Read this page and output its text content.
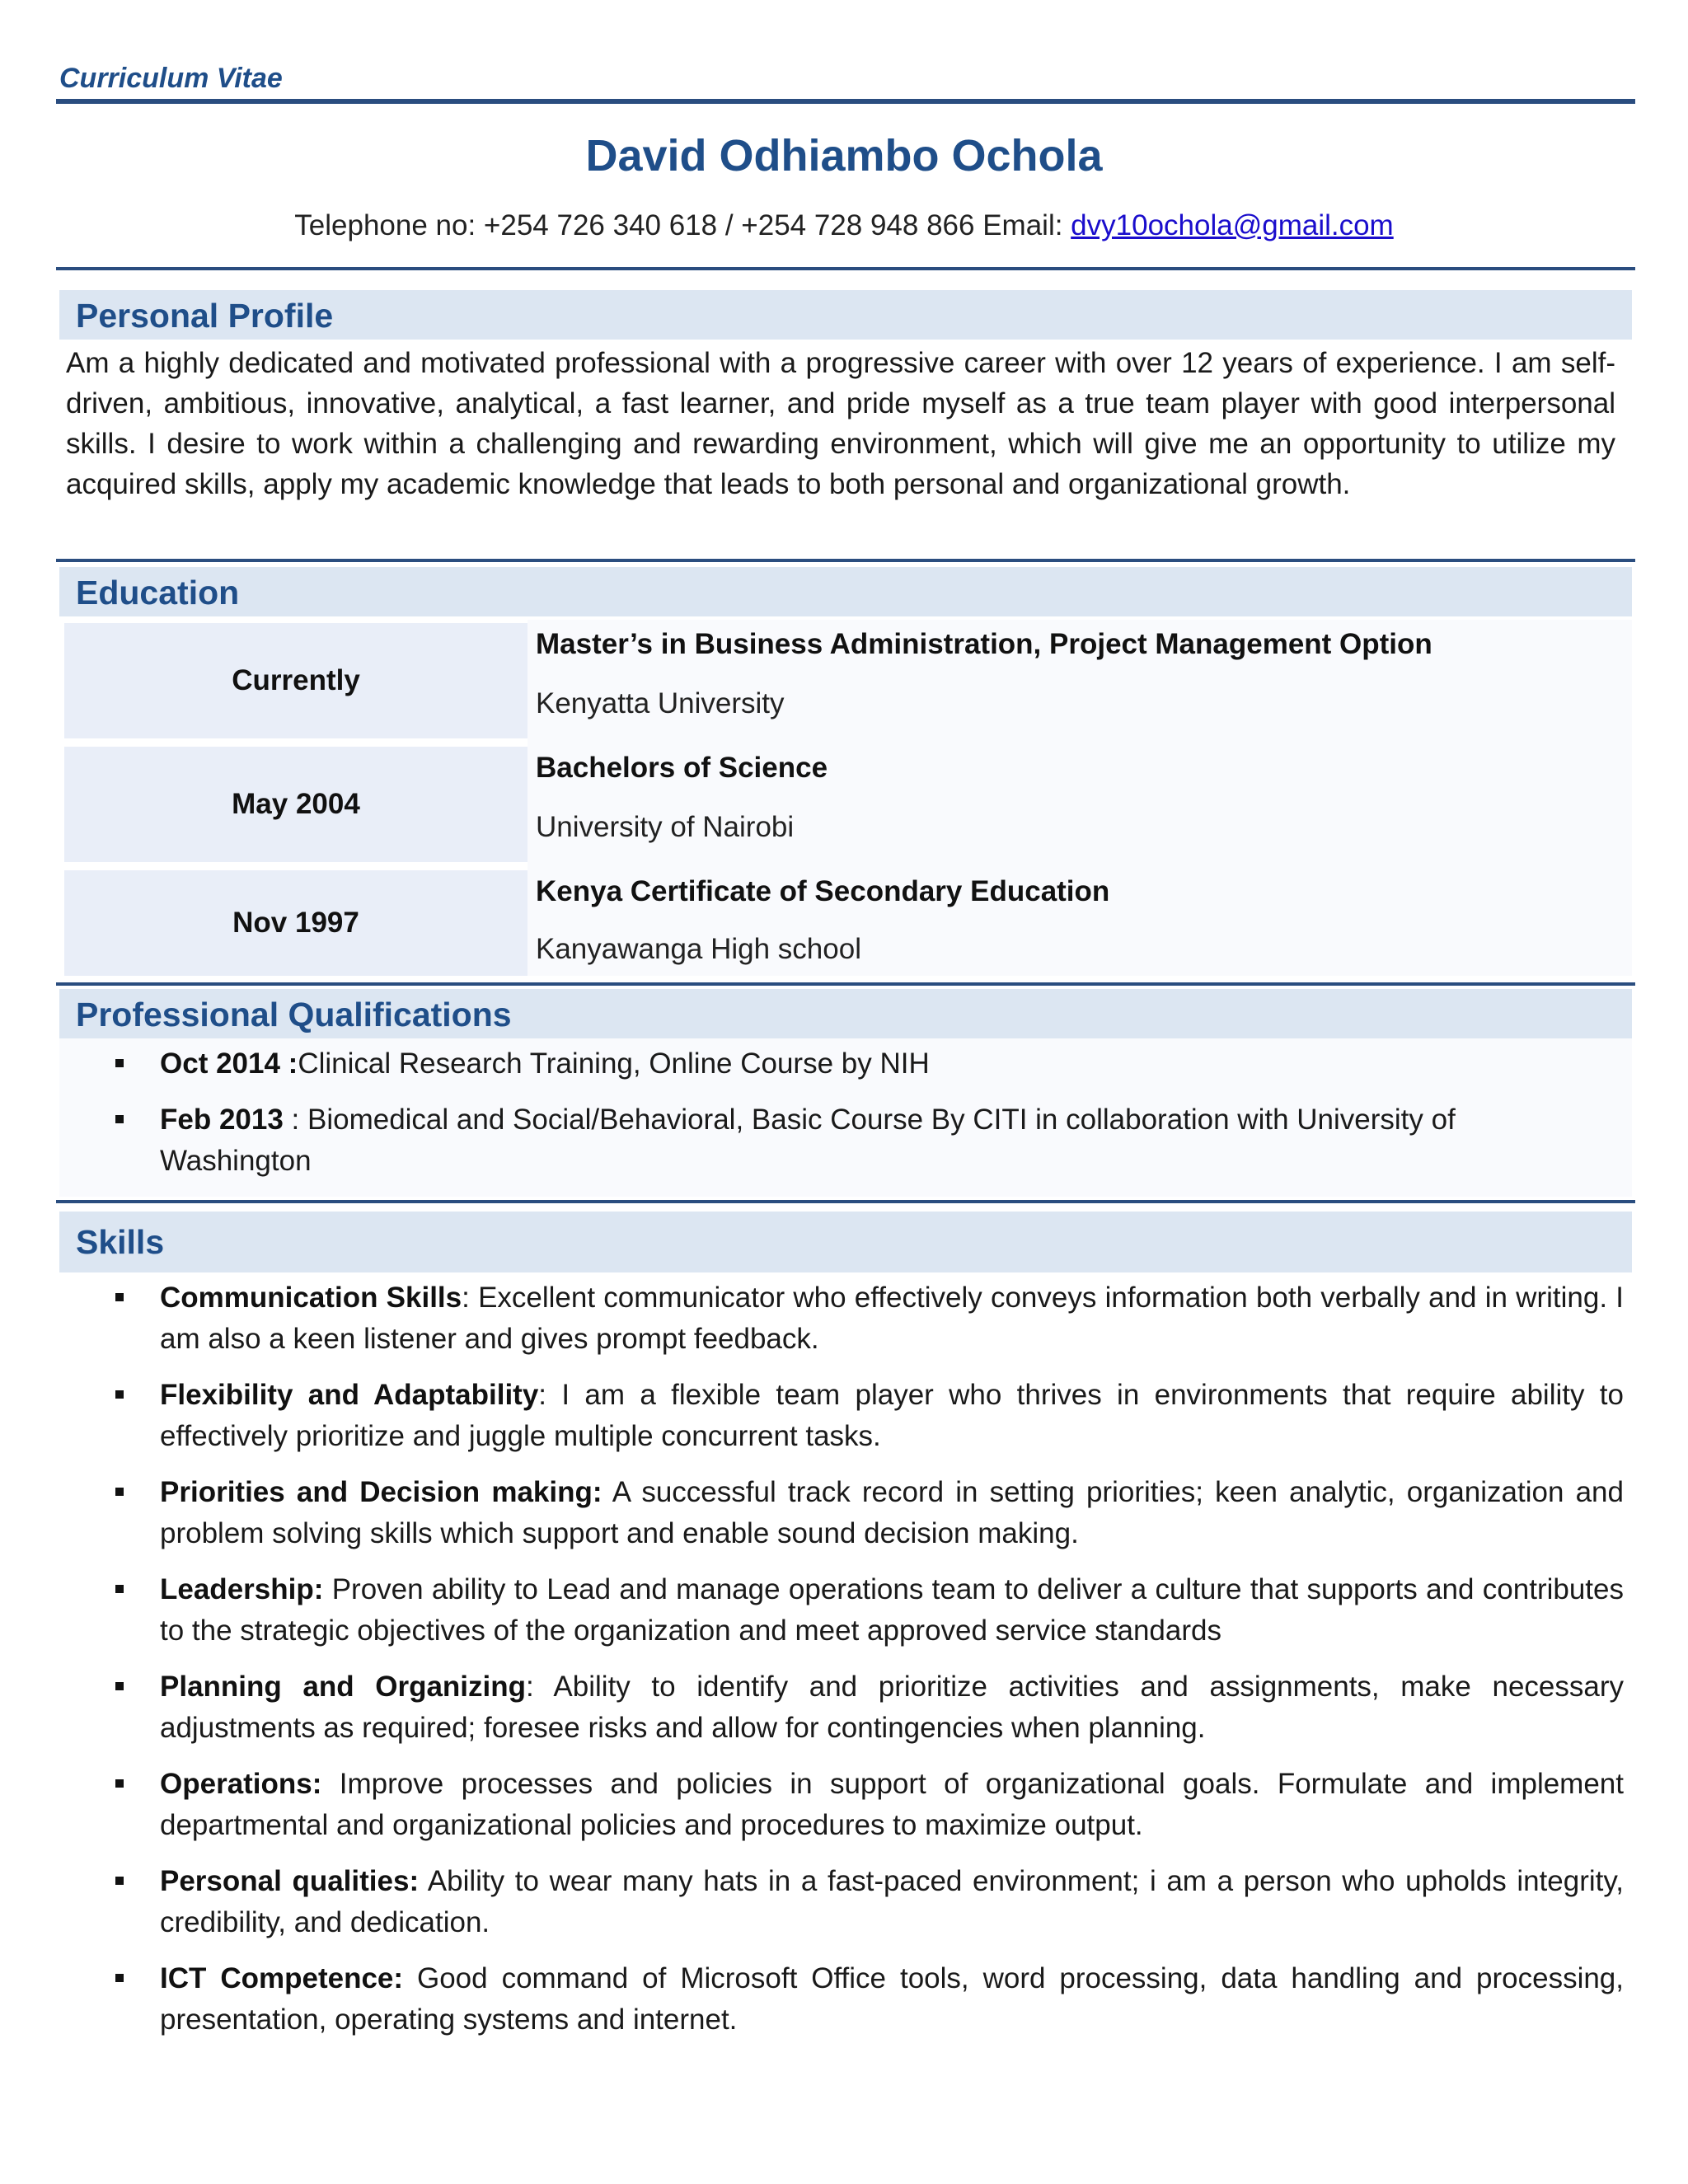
Curriculum Vitae
David Odhiambo Ochola
Telephone no: +254 726 340 618 / +254 728 948 866 Email: dvy10ochola@gmail.com
Personal Profile
Am a highly dedicated and motivated professional with a progressive career with over 12 years of experience. I am self-driven, ambitious, innovative, analytical, a fast learner, and pride myself as a true team player with good interpersonal skills. I desire to work within a challenging and rewarding environment, which will give me an opportunity to utilize my acquired skills, apply my academic knowledge that leads to both personal and organizational growth.
Education
Currently
Master’s in Business Administration, Project Management Option
Kenyatta University
May 2004
Bachelors of Science
University of Nairobi
Nov 1997
Kenya Certificate of Secondary Education
Kanyawanga High school
Professional Qualifications
Oct 2014 :Clinical Research Training, Online Course by NIH
Feb 2013 : Biomedical and Social/Behavioral, Basic Course By CITI in collaboration with University of
Washington
Skills
Communication Skills: Excellent communicator who effectively conveys information both verbally and in writing. I am also a keen listener and gives prompt feedback.
Flexibility and Adaptability: I am a flexible team player who thrives in environments that require ability to effectively prioritize and juggle multiple concurrent tasks.
Priorities and Decision making: A successful track record in setting priorities; keen analytic, organization and problem solving skills which support and enable sound decision making.
Leadership: Proven ability to Lead and manage operations team to deliver a culture that supports and contributes to the strategic objectives of the organization and meet approved service standards
Planning and Organizing: Ability to identify and prioritize activities and assignments, make necessary adjustments as required; foresee risks and allow for contingencies when planning.
Operations: Improve processes and policies in support of organizational goals. Formulate and implement departmental and organizational policies and procedures to maximize output.
Personal qualities: Ability to wear many hats in a fast-paced environment; i am a person who upholds integrity, credibility, and dedication.
ICT Competence: Good command of Microsoft Office tools, word processing, data handling and processing, presentation, operating systems and internet.
